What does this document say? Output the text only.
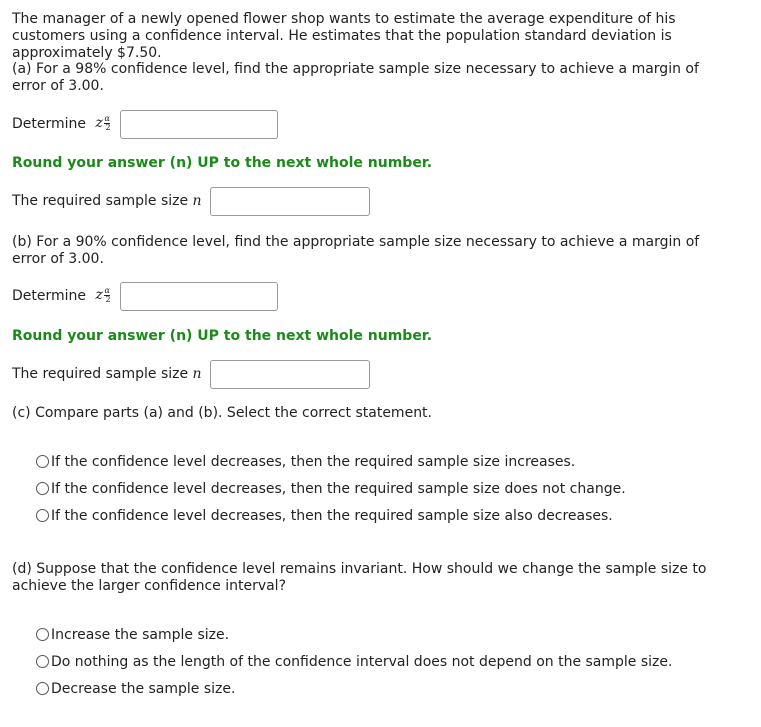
The manager of a newly opened flower shop wants to estimate the average expenditure of his customers using a confidence interval. He estimates that the population standard deviation is approximately $7.50.

(a) For a 98% confidence level, find the appropriate sample size necessary to achieve a margin of error of 3.00.

Determine z α
2

Round your answer (n) UP to the next whole number.
The required sample size n

(b) For a 90% confidence level, find the appropriate sample size necessary to achieve a margin of error of 3.00.

Determine z α
2

Round your answer (n) UP to the next whole number.
The required sample size n
(c) Compare parts (a) and (b). Select the correct statement.
If the confidence level decreases, then the required sample size increases.
If the confidence level decreases, then the required sample size does not change.
If the confidence level decreases, then the required sample size also decreases.

(d) Suppose that the confidence level remains invariant. How should we change the sample size to achieve the larger confidence interval?

Increase the sample size.
Do nothing as the length of the confidence interval does not depend on the sample size.
Decrease the sample size.
